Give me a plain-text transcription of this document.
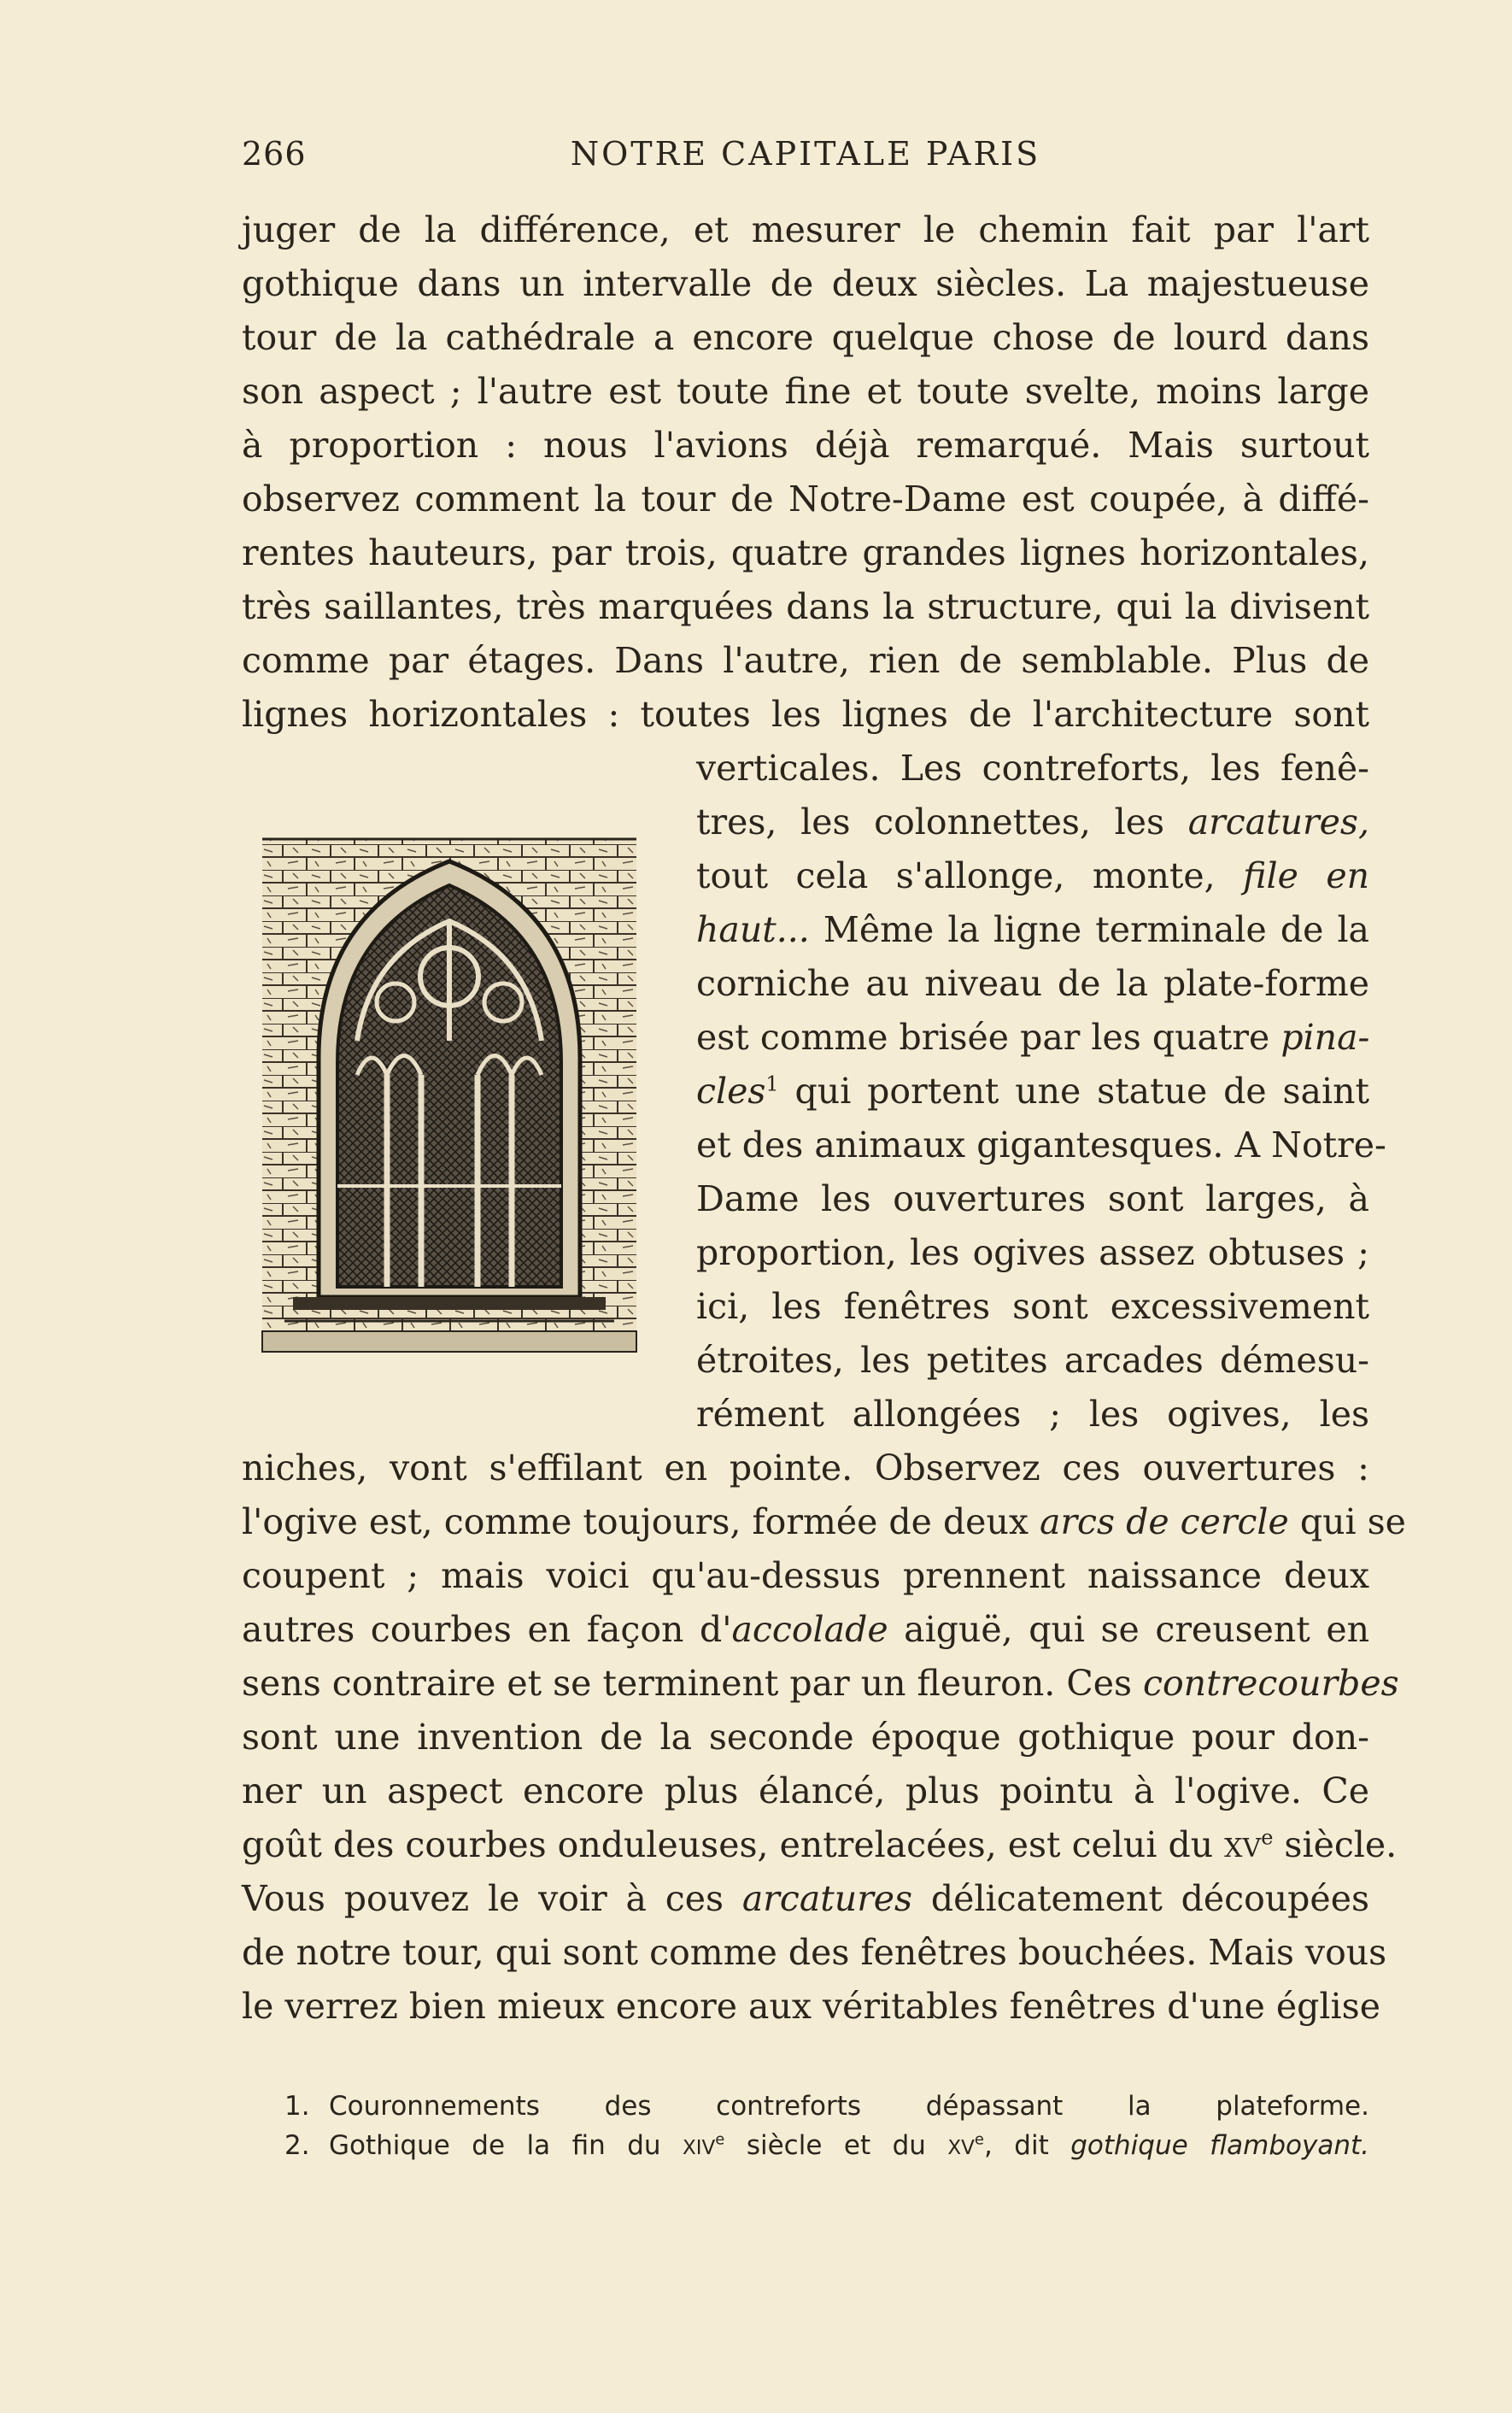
266	NOTRE CAPITALE PARIS
juger de la différence, et mesurer le chemin fait par l'art
gothique dans un intervalle de deux siècles. La majestueuse
tour de la cathédrale a encore quelque chose de lourd dans
son aspect ; l'autre est toute fine et toute svelte, moins large
à proportion : nous l'avions déjà remarqué. Mais surtout
observez comment la tour de Notre-Dame est coupée, à diffé-
rentes hauteurs, par trois, quatre grandes lignes horizontales,
très saillantes, très marquées dans la structure, qui la divisent
comme par étages. Dans l'autre, rien de semblable. Plus de
lignes horizontales : toutes les lignes de l'architecture sont
verticales. Les contreforts, les fenê-
tres, les colonnettes, les arcatures,
tout cela s'allonge, monte, file en
haut... Même la ligne terminale de la
corniche au niveau de la plate-forme
est comme brisée par les quatre pina-
cles$^1$ qui portent une statue de saint
et des animaux gigantesques. A Notre-
Dame les ouvertures sont larges, à
proportion, les ogives assez obtuses ;
ici, les fenêtres sont excessivement
étroites, les petites arcades démesu-
rément allongées ; les ogives, les
niches, vont s'effilant en pointe. Observez ces ouvertures :
l'ogive est, comme toujours, formée de deux arcs de cercle qui se
coupent ; mais voici qu'au-dessus prennent naissance deux
autres courbes en façon d'accolade aiguë, qui se creusent en
sens contraire et se terminent par un fleuron. Ces contrecourbes
sont une invention de la seconde époque gothique pour don-
ner un aspect encore plus élancé, plus pointu à l'ogive. Ce
goût des courbes onduleuses, entrelacées, est celui du XVe siècle.
Vous pouvez le voir à ces arcatures délicatement découpées
de notre tour, qui sont comme des fenêtres bouchées. Mais vous
le verrez bien mieux encore aux véritables fenêtres d'une église
1. Couronnements des contreforts dépassant la plateforme.
2. Gothique de la fin du XIVe siècle et du XVe, dit gothique flamboyant.
